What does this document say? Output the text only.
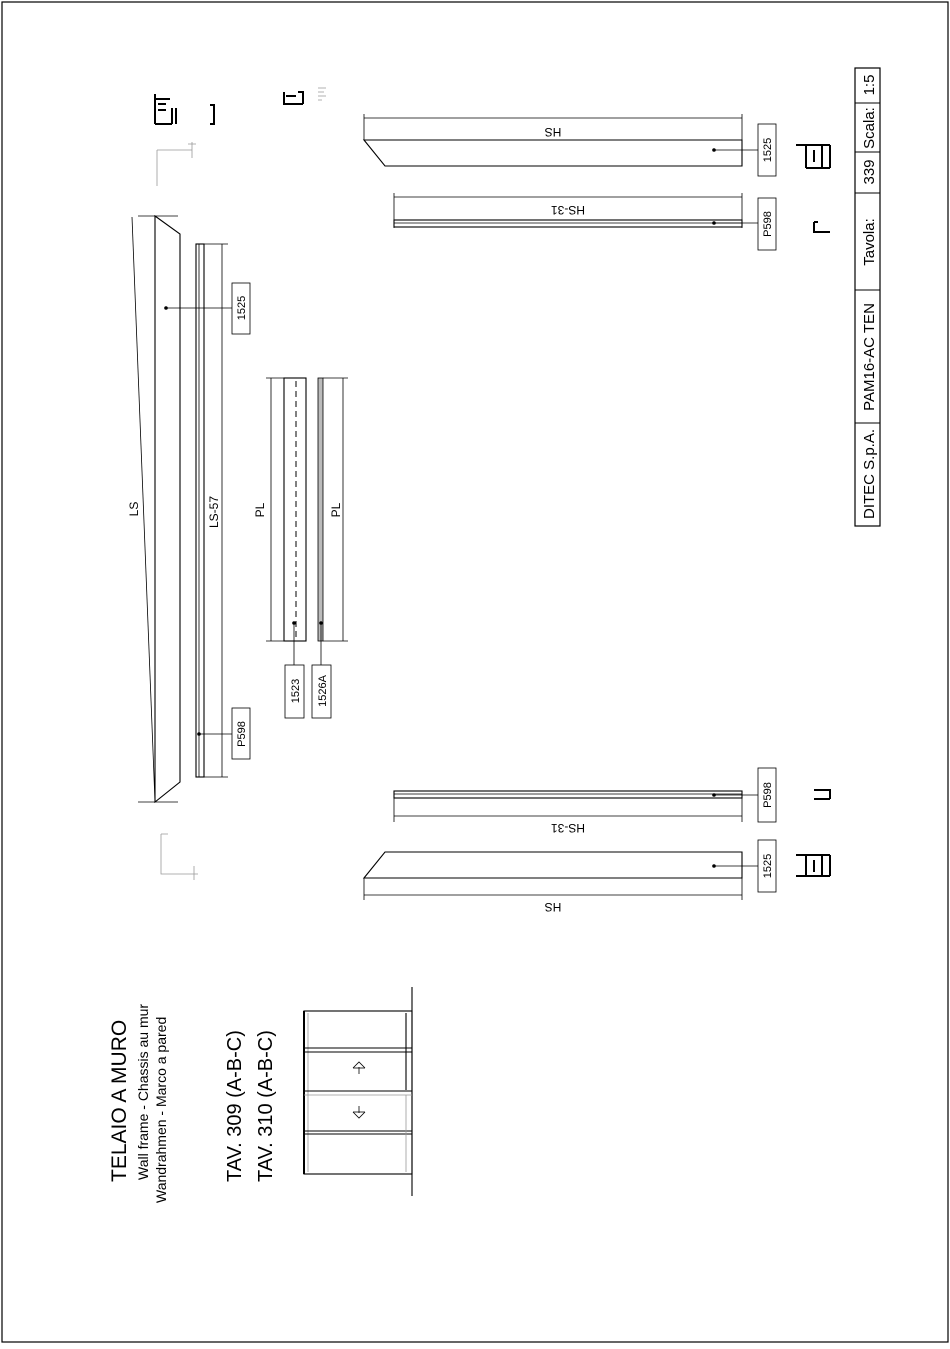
DITEC S.p.A.
PAM16-AC TEN
Tavola:
339
Scala:
1:5
TELAIO A MURO Wall frame - Chassis au mur Wandrahmen - Marco a pared	TAV. 309 (A-B-C) TAV. 310 (A-B-C)
LS	LS-57
1525
P598
PL	PL
1523 1526A
HS
1525
HS-31
P598
HS-31
P598
HS
1525
